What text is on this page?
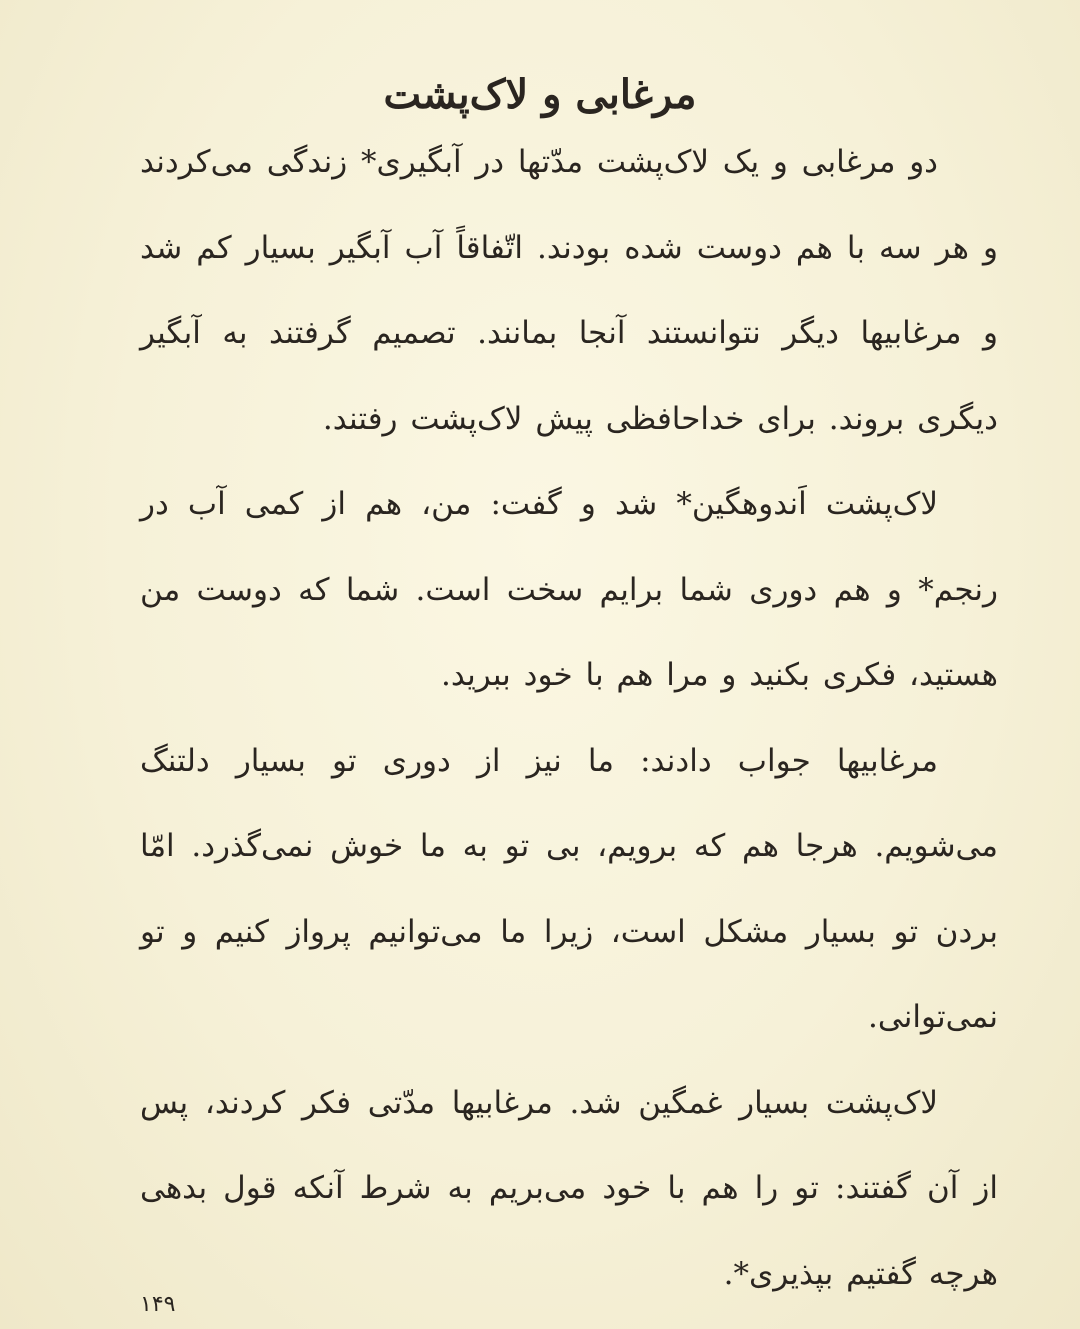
مرغابی و لاک‌پشت

دو مرغابی و یک لاک‌پشت مدّتها در آبگیری* زندگی می‌کردند و هر سه با هم دوست شده بودند. اتّفاقاً آب آبگیر بسیار کم شد و مرغابیها دیگر نتوانستند آنجا بمانند. تصمیم گرفتند به آبگیر دیگری بروند. برای خداحافظی پیش لاک‌پشت رفتند.

لاک‌پشت اَندوهگین* شد و گفت: من، هم از کمی آب در رنجم* و هم دوری شما برایم سخت است. شما که دوست من هستید، فکری بکنید و مرا هم با خود ببرید.

مرغابیها جواب دادند: ما نیز از دوری تو بسیار دلتنگ می‌شویم. هرجا هم که برویم، بی تو به ما خوش نمی‌گذرد. امّا بردن تو بسیار مشکل است، زیرا ما می‌توانیم پرواز کنیم و تو نمی‌توانی.

لاک‌پشت بسیار غمگین شد. مرغابیها مدّتی فکر کردند، پس از آن گفتند: تو را هم با خود می‌بریم به شرط آنکه قول بدهی هرچه گفتیم بپذیری*.

۱۴۹
